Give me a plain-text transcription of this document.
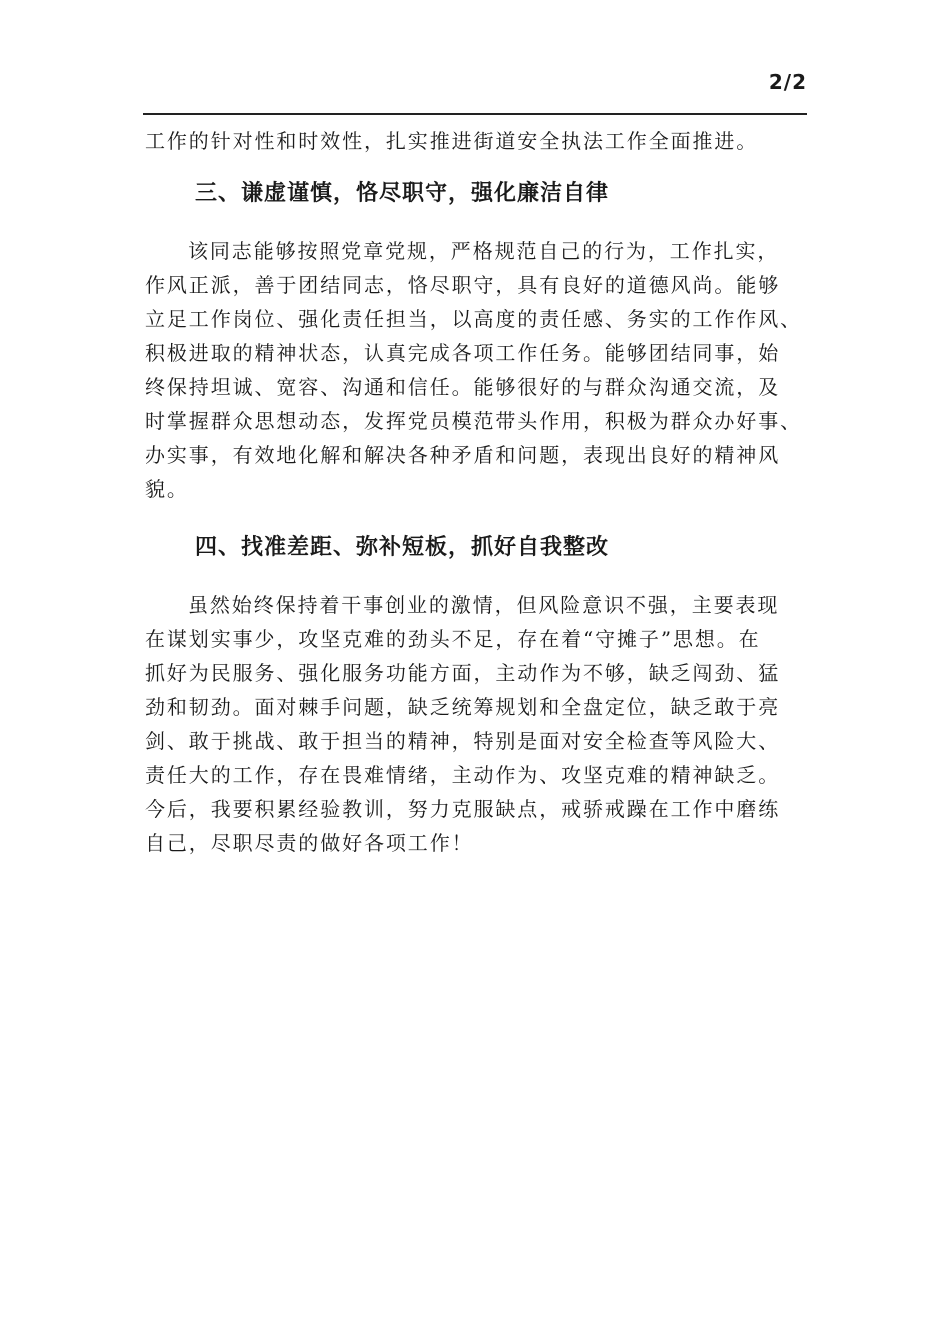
2/2
工作的针对性和时效性，扎实推进街道安全执法工作全面推进。
三、谦虚谨慎，恪尽职守，强化廉洁自律
该同志能够按照党章党规，严格规范自己的行为，工作扎实，
作风正派，善于团结同志，恪尽职守，具有良好的道德风尚。能够
立足工作岗位、强化责任担当，以高度的责任感、务实的工作作风、
积极进取的精神状态，认真完成各项工作任务。能够团结同事，始
终保持坦诚、宽容、沟通和信任。能够很好的与群众沟通交流，及
时掌握群众思想动态，发挥党员模范带头作用，积极为群众办好事、
办实事，有效地化解和解决各种矛盾和问题，表现出良好的精神风
貌。
四、找准差距、弥补短板，抓好自我整改
虽然始终保持着干事创业的激情，但风险意识不强，主要表现
在谋划实事少，攻坚克难的劲头不足，存在着“守摊子”思想。在
抓好为民服务、强化服务功能方面，主动作为不够，缺乏闯劲、猛
劲和韧劲。面对棘手问题，缺乏统筹规划和全盘定位，缺乏敢于亮
剑、敢于挑战、敢于担当的精神，特别是面对安全检查等风险大、
责任大的工作，存在畏难情绪，主动作为、攻坚克难的精神缺乏。
今后，我要积累经验教训，努力克服缺点，戒骄戒躁在工作中磨练
自己，尽职尽责的做好各项工作！
